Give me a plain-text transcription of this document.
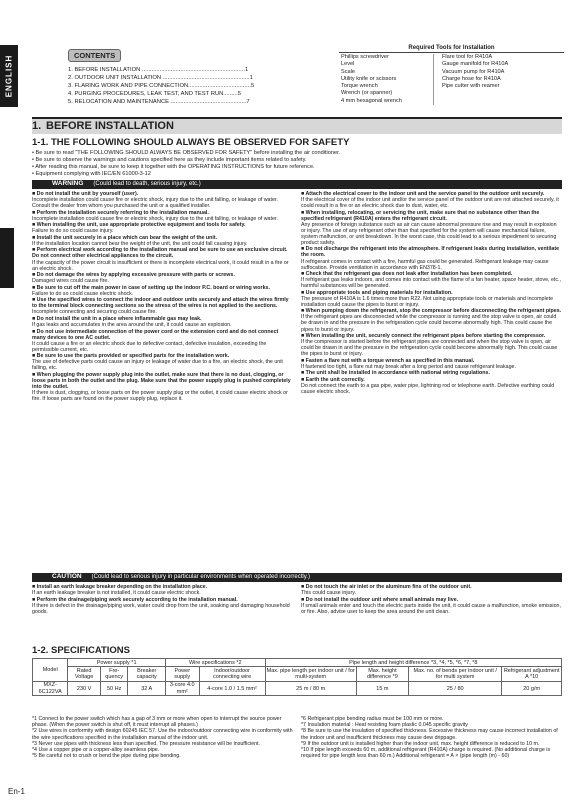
ENGLISH	CONTENTS
1. BEFORE INSTALLATION ................................................................1
2. OUTDOOR UNIT INSTALLATION ......................................................1
3. FLARING WORK AND PIPE CONNECTION.......................................5
4. PURGING PROCEDURES, LEAK TEST, AND TEST RUN.........5
5. RELOCATION AND MAINTENANCE ...............................................7
Required Tools for Installation
Phillips screwdriver
Level
Scale
Utility knife or scissors
Torque wrench
Wrench (or spanner)
4 mm hexagonal wrench
Flare tool for R410A
Gauge manifold for R410A
Vacuum pump for R410A
Charge hose for R410A
Pipe cutter with reamer
1. BEFORE INSTALLATION
1-1. THE FOLLOWING SHOULD ALWAYS BE OBSERVED FOR SAFETY
• Be sure to read "THE FOLLOWING SHOULD ALWAYS BE OBSERVED FOR SAFETY" before installing the air conditioner.
• Be sure to observe the warnings and cautions specified here as they include important items related to safety.
• After reading this manual, be sure to keep it together with the OPERATING INSTRUCTIONS for future reference.
• Equipment complying with IEC/EN 61000-3-12
WARNING (Could lead to death, serious injury, etc.)

■ Do not install the unit by yourself (user).
Incomplete installation could cause fire or electric shock, injury due to the unit falling, or leakage of water. Consult the dealer from whom you purchased the unit or a qualified installer.

■ Perform the installation securely referring to the installation manual.
Incomplete installation could cause fire or electric shock, injury due to the unit falling, or leakage of water.

■ When installing the unit, use appropriate protective equipment and tools for safety.
Failure to do so could cause injury.

■ Install the unit securely in a place which can bear the weight of the unit.
If the installation location cannot bear the weight of the unit, the unit could fall causing injury.

■ Perform electrical work according to the installation manual and be sure to use an exclusive circuit. Do not connect other electrical appliances to the circuit.
If the capacity of the power circuit is insufficient or there is incomplete electrical work, it could result in a fire or an electric shock.

■ Do not damage the wires by applying excessive pressure with parts or screws.
Damaged wires could cause fire.

■ Be sure to cut off the main power in case of setting up the indoor P.C. board or wiring works.
Failure to do so could cause electric shock.

■ Use the specified wires to connect the indoor and outdoor units securely and attach the wires firmly to the terminal block connecting sections so the stress of the wires is not applied to the sections.
Incomplete connecting and securing could cause fire.

■ Do not install the unit in a place where inflammable gas may leak.
If gas leaks and accumulates in the area around the unit, it could cause an explosion.

■ Do not use intermediate connection of the power cord or the extension cord and do not connect many devices to one AC outlet.
It could cause a fire or an electric shock due to defective contact, defective insulation, exceeding the permissible current, etc.

■ Be sure to use the parts provided or specified parts for the installation work.
The use of defective parts could cause an injury or leakage of water due to a fire, an electric shock, the unit falling, etc.

■ When plugging the power supply plug into the outlet, make sure that there is no dust, clogging, or loose parts in both the outlet and the plug. Make sure that the power supply plug is pushed completely into the outlet.
If there is dust, clogging, or loose parts on the power supply plug or the outlet, it could cause electric shock or fire. If loose parts are found on the power supply plug, replace it.

■ Attach the electrical cover to the indoor unit and the service panel to the outdoor unit securely.
If the electrical cover of the indoor unit and/or the service panel of the outdoor unit are not attached securely, it could result in a fire or an electric shock due to dust, water, etc.

■ When installing, relocating, or servicing the unit, make sure that no substance other than the specified refrigerant (R410A) enters the refrigerant circuit.
Any presence of foreign substance such as air can cause abnormal pressure rise and may result in explosion or injury. The use of any refrigerant other than that specified for the system will cause mechanical failure, system malfunction, or unit breakdown. In the worst case, this could lead to a serious impediment to securing product safety.

■ Do not discharge the refrigerant into the atmosphere. If refrigerant leaks during installation, ventilate the room.
If refrigerant comes in contact with a fire, harmful gas could be generated. Refrigerant leakage may cause suffocation. Provide ventilation in accordance with EN378-1.

■ Check that the refrigerant gas does not leak after installation has been completed.
If refrigerant gas leaks indoors, and comes into contact with the flame of a fan heater, space heater, stove, etc., harmful substances will be generated.

■ Use appropriate tools and piping materials for installation.
The pressure of R410A is 1.6 times more than R22. Not using appropriate tools or materials and incomplete installation could cause the pipes to burst or injury.

■ When pumping down the refrigerant, stop the compressor before disconnecting the refrigerant pipes.
If the refrigerant pipes are disconnected while the compressor is running and the stop valve is open, air could be drawn in and the pressure in the refrigeration cycle could become abnormally high. This could cause the pipes to burst or injury.

■ When installing the unit, securely connect the refrigerant pipes before starting the compressor.
If the compressor is started before the refrigerant pipes are connected and when the stop valve is open, air could be drawn in and the pressure in the refrigeration cycle could become abnormally high. This could cause the pipes to burst or injury.

■ Fasten a flare nut with a torque wrench as specified in this manual.
If fastened too tight, a flare nut may break after a long period and cause refrigerant leakage.

■ The unit shall be installed in accordance with national wiring regulations.

■ Earth the unit correctly.
Do not connect the earth to a gas pipe, water pipe, lightning rod or telephone earth. Defective earthing could cause electric shock.

CAUTION (Could lead to serious injury in particular environments when operated incorrectly.)

■ Install an earth leakage breaker depending on the installation place.
If an earth leakage breaker is not installed, it could cause electric shock.

■ Perform the drainage/piping work securely according to the installation manual.
If there is defect in the drainage/piping work, water could drop from the unit, soaking and damaging household goods.

■ Do not touch the air inlet or the aluminum fins of the outdoor unit.
This could cause injury.

■ Do not install the outdoor unit where small animals may live.
If small animals enter and touch the electric parts inside the unit, it could cause a malfunction, smoke emission, or fire. Also, advise user to keep the area around the unit clean.

1-2. SPECIFICATIONS
Model	Power supply *1			Wire specifications *2		Pipe length and height difference *3, *4, *5, *6, *7, *8			
	Rated Voltage	Fre-quency	Breaker capacity	Power supply	Indoor/outdoor connecting wire	Max. pipe length per indoor unit / for multi-system	Max. height difference *9	Max. no. of bends per indoor unit / for multi system	Refrigerant adjustment A *10
MXZ-6C122VA	230 V	50 Hz	32 A	3-core 4.0 mm²	4-core 1.0 / 1.5 mm²	25 m / 80 m	15 m	25 / 80	20 g/m
*1 Connect to the power switch which has a gap of 3 mm or more when open to interrupt the source power phase. (When the power switch is shut off, it must interrupt all phases.)
*2 Use wires in conformity with design 60245 IEC 57. Use the indoor/outdoor connecting wire in conformity with the wire specifications specified in the installation manual of the indoor unit.
*3 Never use pipes with thickness less than specified. The pressure resistance will be insufficient.
*4 Use a copper pipe or a copper-alloy seamless pipe.
*5 Be careful not to crush or bend the pipe during pipe bending.
*6 Refrigerant pipe bending radius must be 100 mm or more.
*7 Insulation material : Heat resisting foam plastic 0.045 specific gravity
*8 Be sure to use the insulation of specified thickness. Excessive thickness may cause incorrect installation of the indoor unit and insufficient thickness may cause dew drippage.
*9 If the outdoor unit is installed higher than the indoor unit, max. height difference is reduced to 10 m.
*10 If pipe length exceeds 60 m, additional refrigerant (R410A) charge is required. (No additional charge is required for pipe length less than 60 m.) Additional refrigerant = A × (pipe length (m) - 60)
En-1
